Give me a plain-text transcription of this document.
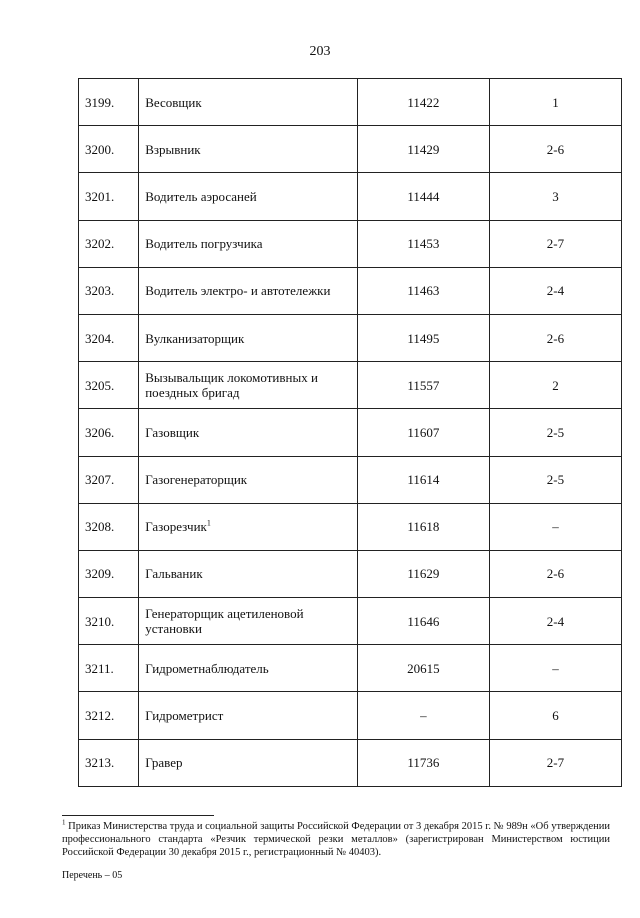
203
3199.	Весовщик	11422	1
3200.	Взрывник	11429	2-6
3201.	Водитель аэросаней	11444	3
3202.	Водитель погрузчика	11453	2-7
3203.	Водитель электро- и автотележки	11463	2-4
3204.	Вулканизаторщик	11495	2-6
3205.	Вызывальщик локомотивных и поездных бригад	11557	2
3206.	Газовщик	11607	2-5
3207.	Газогенераторщик	11614	2-5
3208.	Газорезчик$^1$	11618	–
3209.	Гальваник	11629	2-6
3210.	Генераторщик ацетиленовой установки	11646	2-4
3211.	Гидрометнаблюдатель	20615	–
3212.	Гидрометрист	–	6
3213.	Гравер	11736	2-7
$^1$ Приказ Министерства труда и социальной защиты Российской Федерации от 3 декабря 2015 г. № 989н «Об утверждении профессионального стандарта «Резчик термической резки металлов» (зарегистрирован Министерством юстиции Российской Федерации 30 декабря 2015 г., регистрационный № 40403).
Перечень – 05
